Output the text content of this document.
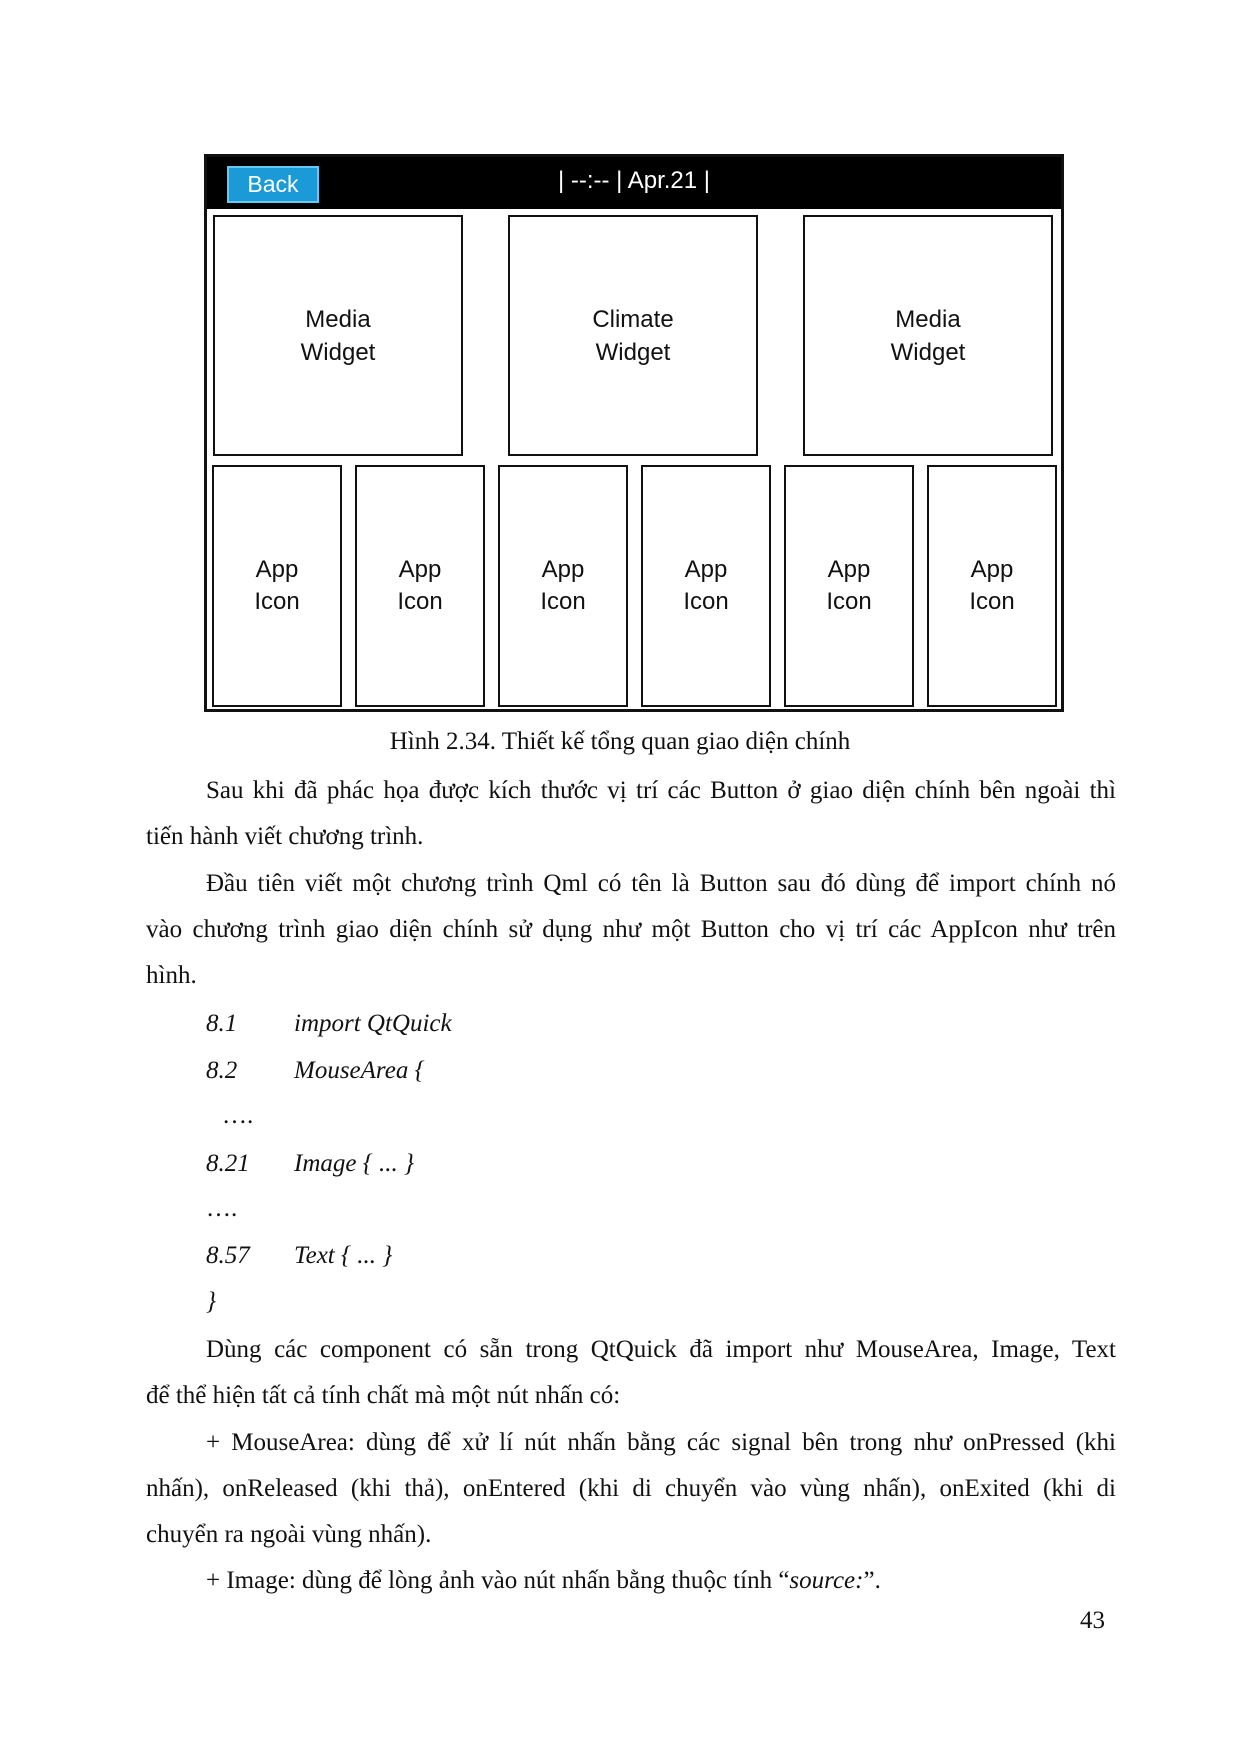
Back	| --:-- | Apr.21 |
Media
Widget
Climate
Widget
Media
Widget
App
Icon
App
Icon
App
Icon
App
Icon
App
Icon
App
Icon
Hình 2.34. Thiết kế tổng quan giao diện chính
Sau khi đã phác họa được kích thước vị trí các Button ở giao diện chính bên ngoài thì
tiến hành viết chương trình.
Đầu tiên viết một chương trình Qml có tên là Button sau đó dùng để import chính nó
vào chương trình giao diện chính sử dụng như một Button cho vị trí các AppIcon như trên
hình.
8.1 import QtQuick
8.2 MouseArea {
….
8.21 Image { ... }
….
8.57 Text { ... }
}
Dùng các component có sẵn trong QtQuick đã import như MouseArea, Image, Text
để thể hiện tất cả tính chất mà một nút nhấn có:
+ MouseArea: dùng để xử lí nút nhấn bằng các signal bên trong như onPressed (khi
nhấn), onReleased (khi thả), onEntered (khi di chuyển vào vùng nhấn), onExited (khi di
chuyển ra ngoài vùng nhấn).
+ Image: dùng để lòng ảnh vào nút nhấn bằng thuộc tính “source:”.
43
